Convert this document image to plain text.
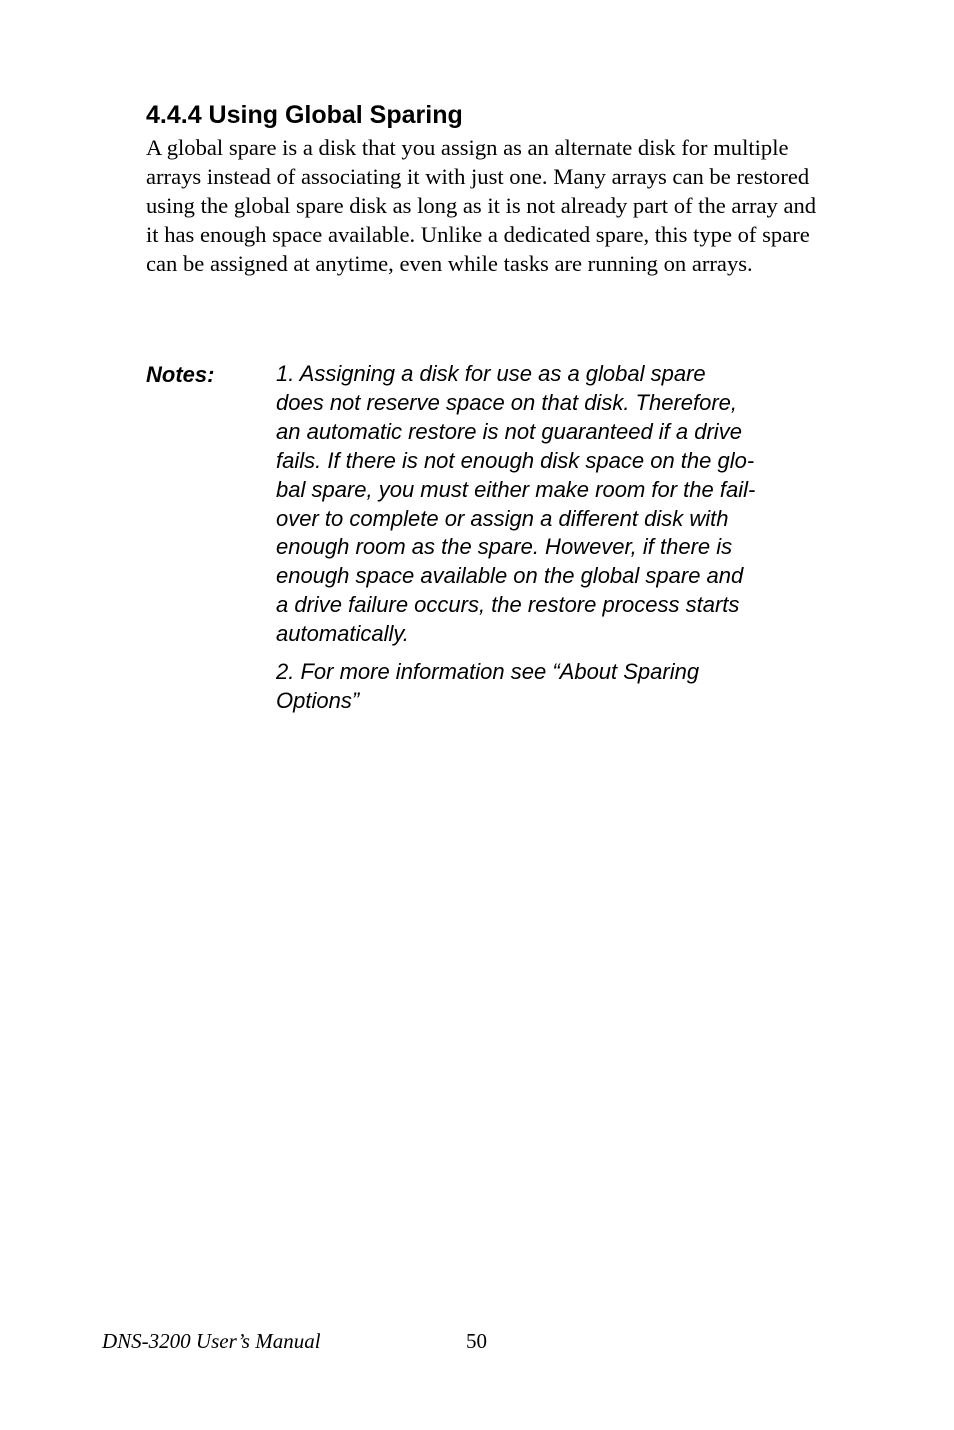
4.4.4 Using Global Sparing

A global spare is a disk that you assign as an alternate disk for multiple
arrays instead of associating it with just one. Many arrays can be restored
using the global spare disk as long as it is not already part of the array and
it has enough space available. Unlike a dedicated spare, this type of spare
can be assigned at anytime, even while tasks are running on arrays.

Notes:	1. Assigning a disk for use as a global spare
does not reserve space on that disk. Therefore,
an automatic restore is not guaranteed if a drive
fails. If there is not enough disk space on the glo-
bal spare, you must either make room for the fail-
over to complete or assign a different disk with
enough room as the spare. However, if there is
enough space available on the global spare and
a drive failure occurs, the restore process starts
automatically.

2. For more information see “About Sparing
Options”

DNS-3200 User’s Manual	50
